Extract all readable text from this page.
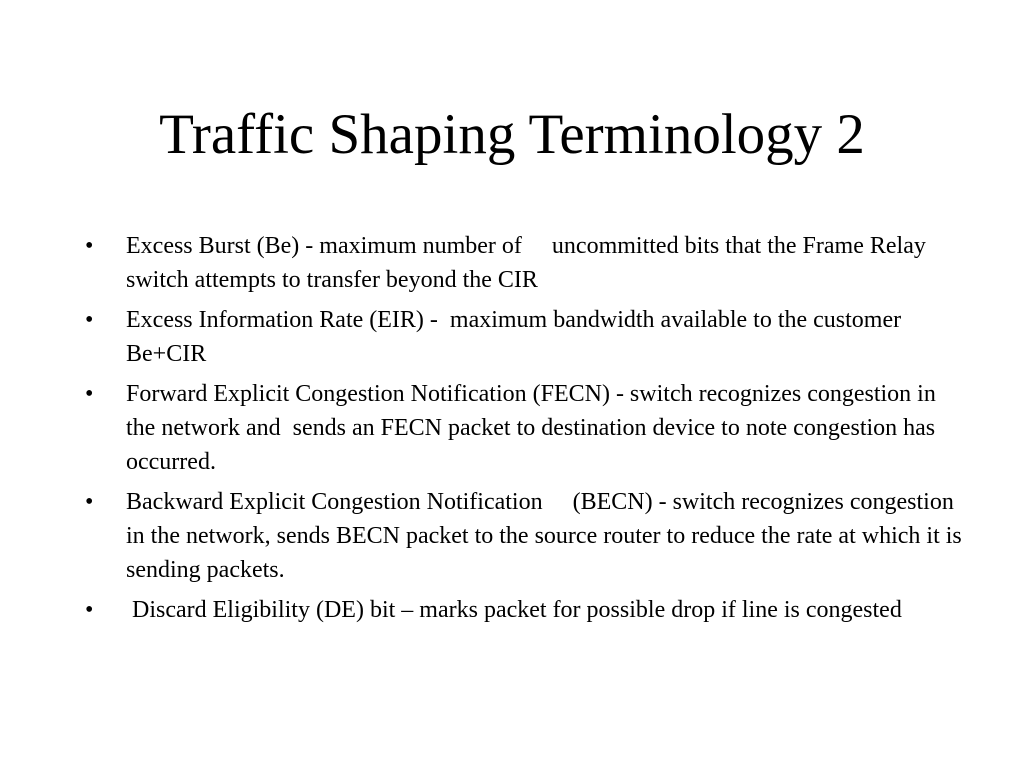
Traffic Shaping Terminology 2
•	Excess Burst (Be) - maximum number of     uncommitted bits that the Frame Relay switch attempts to transfer beyond the CIR
•	Excess Information Rate (EIR) -  maximum bandwidth available to the customer Be+CIR
•	Forward Explicit Congestion Notification (FECN) - switch recognizes congestion in the network and  sends an FECN packet to destination device to note congestion has occurred.
•	Backward Explicit Congestion Notification     (BECN) - switch recognizes congestion in the network, sends BECN packet to the source router to reduce the rate at which it is sending packets.
•	Discard Eligibility (DE) bit – marks packet for possible drop if line is congested
